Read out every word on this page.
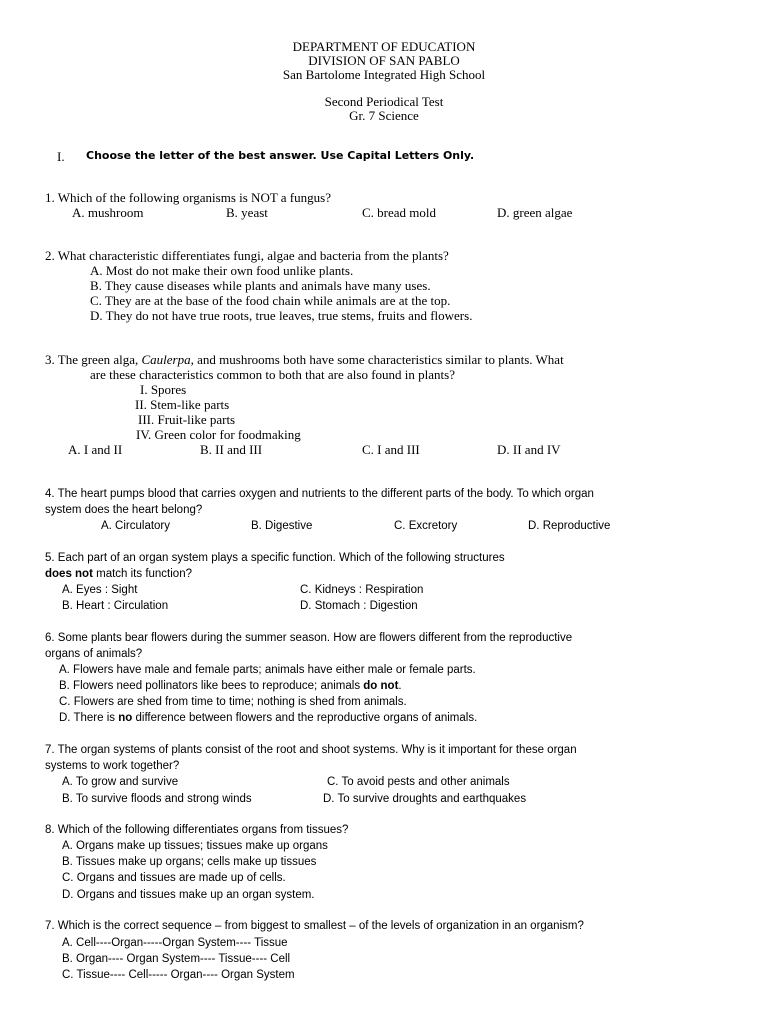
DEPARTMENT OF EDUCATION
DIVISION OF SAN PABLO
San Bartolome Integrated High School
Second Periodical Test
Gr. 7 Science
I. Choose the letter of the best answer. Use Capital Letters Only.
1. Which of the following organisms is NOT a fungus?
A. mushroom	B. yeast	C. bread mold	D. green algae
2. What characteristic differentiates fungi, algae and bacteria from the plants?
A. Most do not make their own food unlike plants.
B. They cause diseases while plants and animals have many uses.
C. They are at the base of the food chain while animals are at the top.
D. They do not have true roots, true leaves, true stems, fruits and flowers.
3. The green alga, Caulerpa, and mushrooms both have some characteristics similar to plants. What
are these characteristics common to both that are also found in plants?
I. Spores
II. Stem-like parts
III. Fruit-like parts
IV. Green color for foodmaking
A. I and II	B. II and III	C. I and III	D. II and IV
4. The heart pumps blood that carries oxygen and nutrients to the different parts of the body. To which organ
system does the heart belong?
A. Circulatory	B. Digestive	C. Excretory	D. Reproductive
5. Each part of an organ system plays a specific function. Which of the following structures
does not match its function?
A. Eyes : Sight
B. Heart : Circulation
C. Kidneys : Respiration
D. Stomach : Digestion
6. Some plants bear flowers during the summer season. How are flowers different from the reproductive
organs of animals?
A. Flowers have male and female parts; animals have either male or female parts.
B. Flowers need pollinators like bees to reproduce; animals do not.
C. Flowers are shed from time to time; nothing is shed from animals.
D. There is no difference between flowers and the reproductive organs of animals.
7. The organ systems of plants consist of the root and shoot systems. Why is it important for these organ
systems to work together?
A. To grow and survive
B. To survive floods and strong winds
C. To avoid pests and other animals
D. To survive droughts and earthquakes
8. Which of the following differentiates organs from tissues?
A. Organs make up tissues; tissues make up organs
B. Tissues make up organs; cells make up tissues
C. Organs and tissues are made up of cells.
D. Organs and tissues make up an organ system.
7. Which is the correct sequence – from biggest to smallest – of the levels of organization in an organism?
A. Cell----Organ-----Organ System---- Tissue
B. Organ---- Organ System---- Tissue---- Cell
C. Tissue---- Cell----- Organ---- Organ System
